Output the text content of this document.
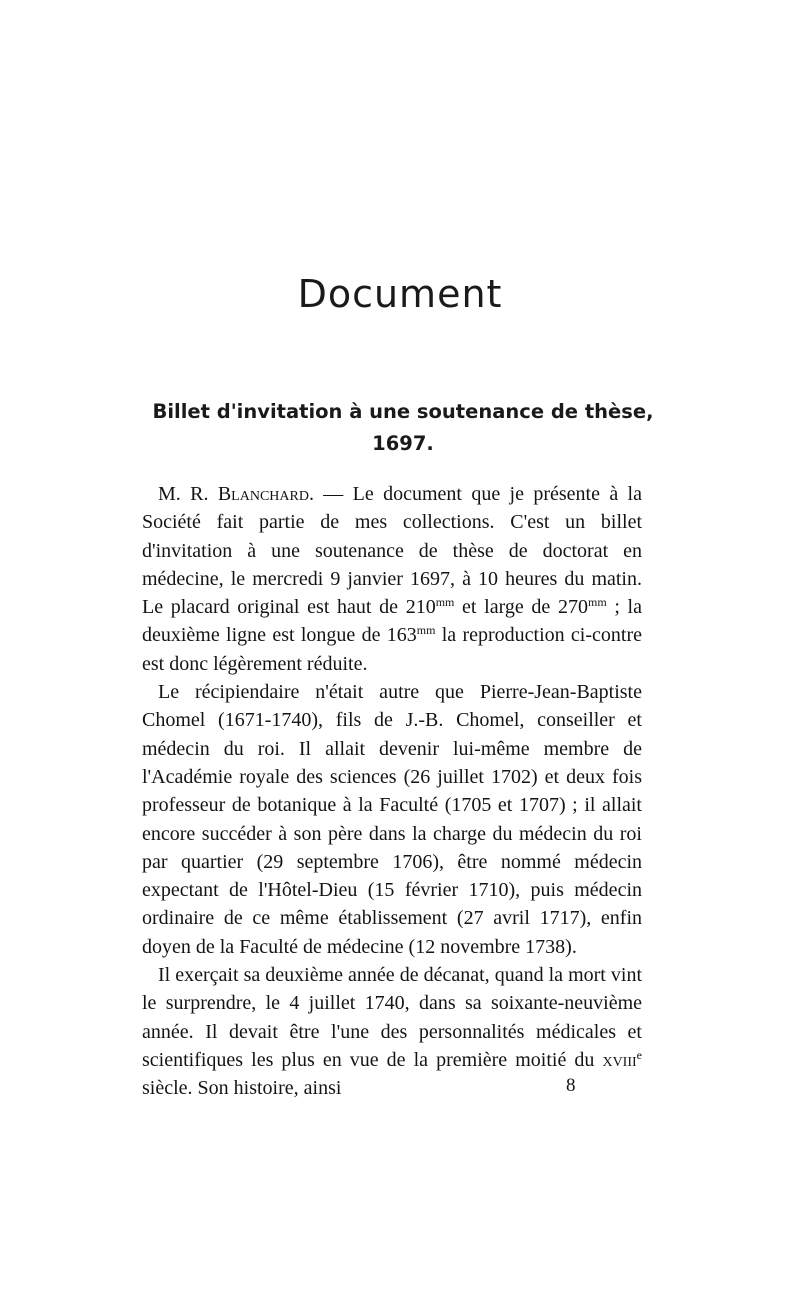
Document
Billet d'invitation à une soutenance de thèse,
1697.

M. R. Blanchard. — Le document que je présente à la Société fait partie de mes collections. C'est un billet d'invitation à une soutenance de thèse de doctorat en médecine, le mercredi 9 janvier 1697, à 10 heures du matin. Le placard original est haut de $210^{mm}$ et large de $270^{mm}$ ; la deuxième ligne est longue de $163^{mm}$ la reproduction ci-contre est donc légèrement réduite.

Le récipiendaire n'était autre que Pierre-Jean-Baptiste Chomel (1671-1740), fils de J.-B. Chomel, conseiller et médecin du roi. Il allait devenir lui-même membre de l'Académie royale des sciences (26 juillet 1702) et deux fois professeur de botanique à la Faculté (1705 et 1707) ; il allait encore succéder à son père dans la charge du médecin du roi par quartier (29 septembre 1706), être nommé médecin expectant de l'Hôtel-Dieu (15 février 1710), puis médecin ordinaire de ce même établissement (27 avril 1717), enfin doyen de la Faculté de médecine (12 novembre 1738).

Il exerçait sa deuxième année de décanat, quand la mort vint le surprendre, le 4 juillet 1740, dans sa soixante-neuvième année. Il devait être l'une des personnalités médicales et scientifiques les plus en vue de la première moitié du xviii$^e$ siècle. Son histoire, ainsi	8
